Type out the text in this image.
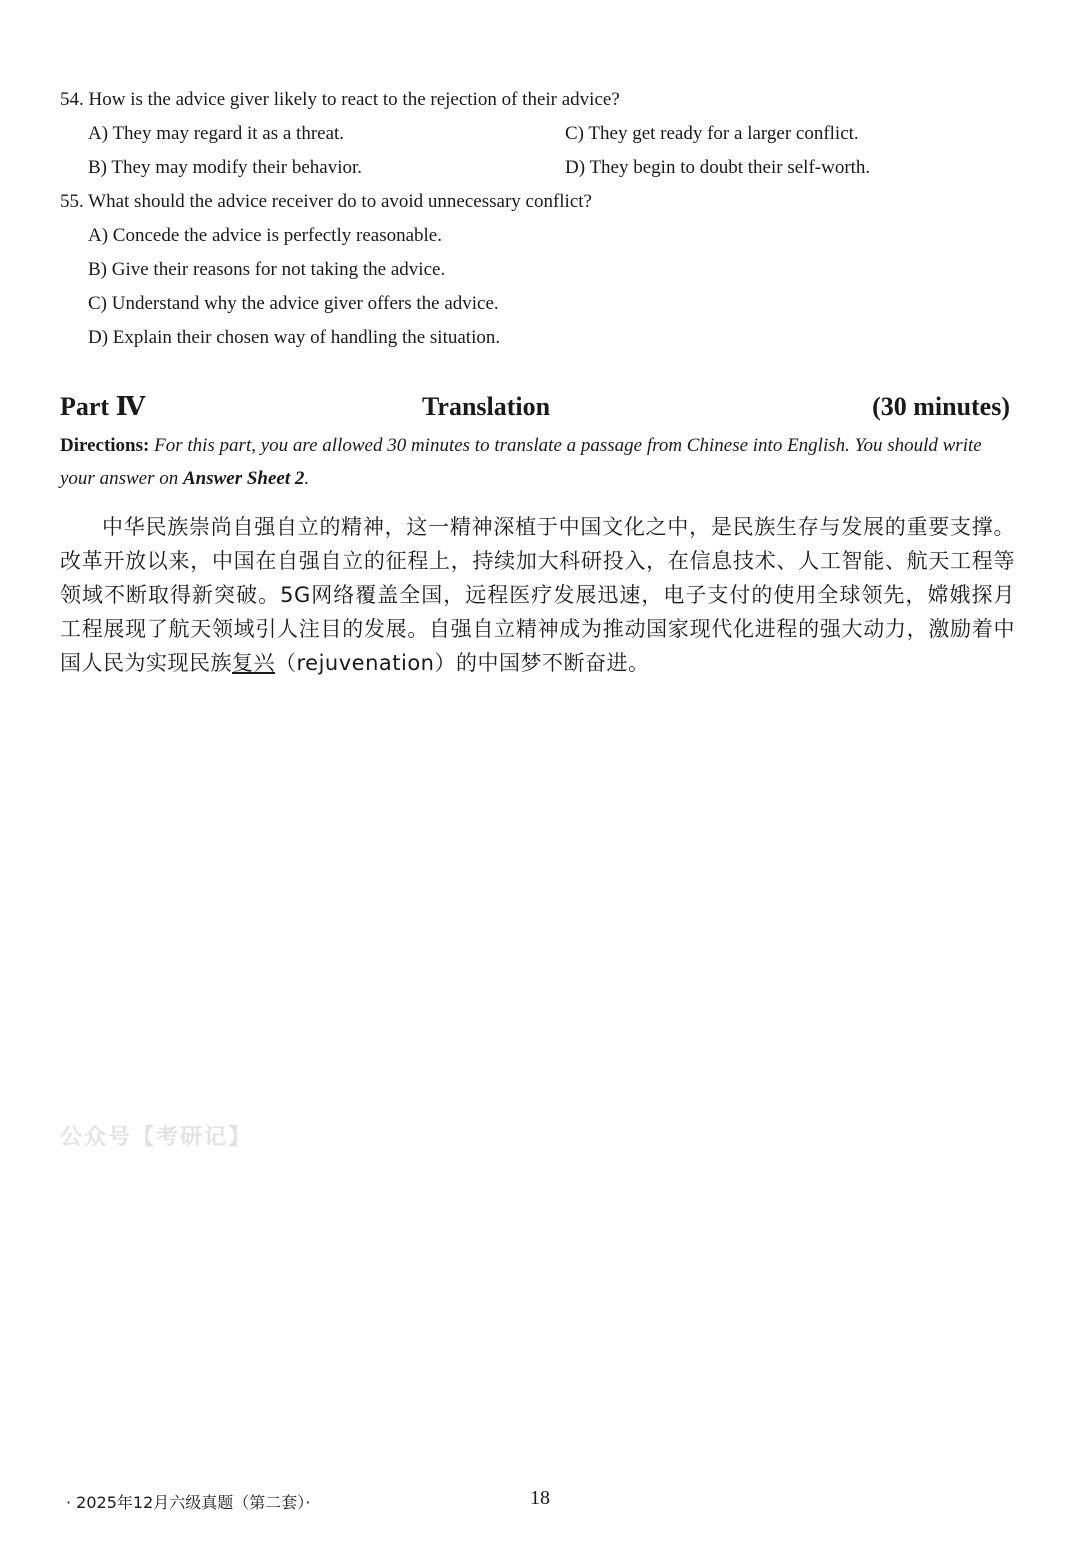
54. How is the advice giver likely to react to the rejection of their advice?
A) They may regard it as a threat.	C) They get ready for a larger conflict.
B) They may modify their behavior.	D) They begin to doubt their self-worth.
55. What should the advice receiver do to avoid unnecessary conflict?
A) Concede the advice is perfectly reasonable.
B) Give their reasons for not taking the advice.
C) Understand why the advice giver offers the advice.
D) Explain their chosen way of handling the situation.
Part Ⅳ	Translation	(30 minutes)
Directions: For this part, you are allowed 30 minutes to translate a passage from Chinese into English. You should write your answer on Answer Sheet 2.
中华民族崇尚自强自立的精神，这一精神深植于中国文化之中，是民族生存与发展的重要支撑。改革开放以来，中国在自强自立的征程上，持续加大科研投入，在信息技术、人工智能、航天工程等领域不断取得新突破。5G网络覆盖全国，远程医疗发展迅速，电子支付的使用全球领先，嫦娥探月工程展现了航天领域引人注目的发展。自强自立精神成为推动国家现代化进程的强大动力，激励着中国人民为实现民族复兴（rejuvenation）的中国梦不断奋进。
公众号【考研记】
· 2025年12月六级真题（第二套）·	18
